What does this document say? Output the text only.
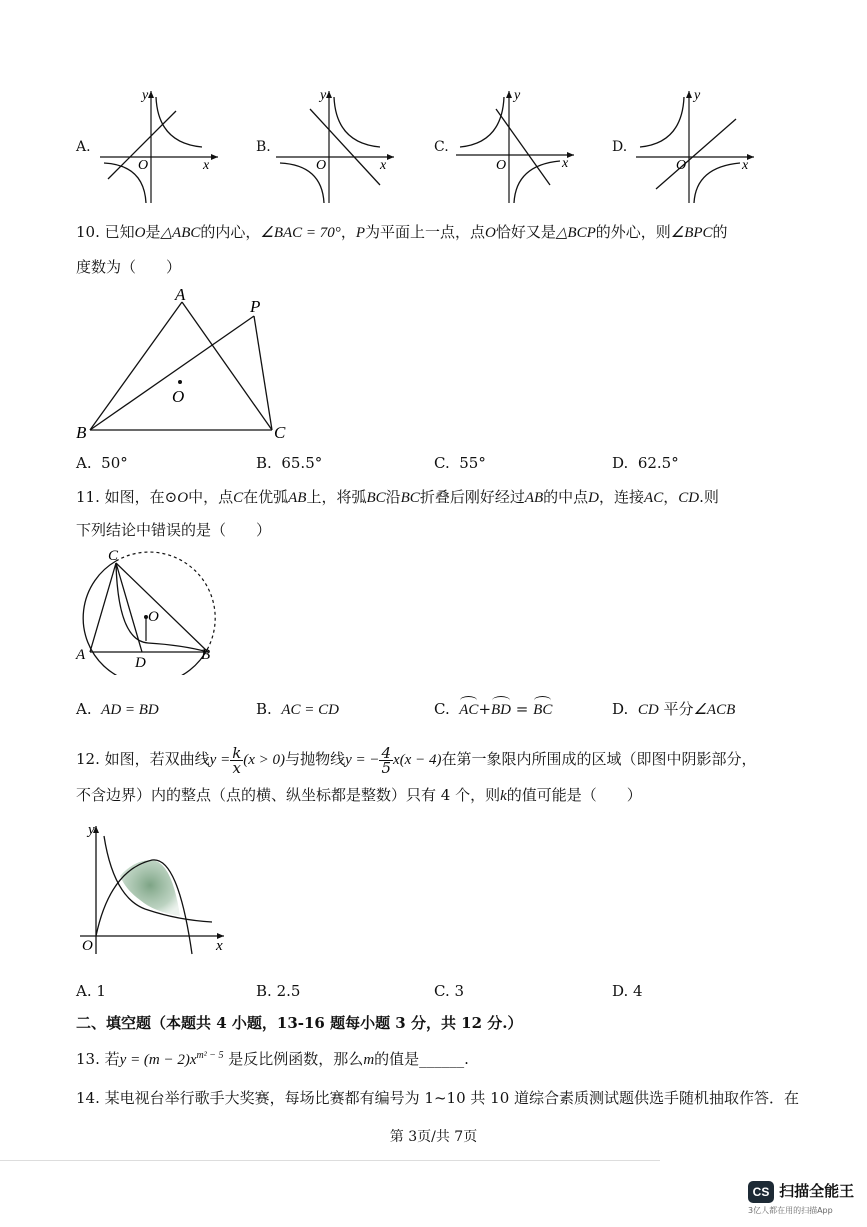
A.
y
x
O
B.
y
x
O
C.
y
x
O
D.
y
x
O
10. 已知O是△ABC的内心，∠BAC = 70°，P为平面上一点，点O恰好又是△BCP的外心，则∠BPC的
度数为（　　）
A
B	C
P
O
A. 50°	B. 65.5°	C. 55°	D. 62.5°
11. 如图，在⊙O中，点C在优弧AB上，将弧BC沿BC折叠后刚好经过AB的中点D，连接AC，CD.则
下列结论中错误的是（　　）
C
O
A	D	B
A. AD = BD	B. AC = CD	C. AC+BD = BC	D. CD 平分∠ACB
12. 如图，若双曲线$y = \frac{k}{x} (x > 0)$与抛物线y = − $\frac{4}{5} x(x - 4)$在第一象限内所围成的区域（即图中阴影部分，
不含边界）内的整点（点的横、纵坐标都是整数）只有 4 个，则k的值可能是（　　）
y
x
O
A. 1	B. 2.5	C. 3	D. 4
二、填空题（本题共 4 小题，13-16 题每小题 3 分，共 12 分.）
13. 若$y = (m - 2)x^{m^2 - 5}$ 是反比例函数，那么m的值是______.
14. 某电视台举行歌手大奖赛，每场比赛都有编号为 1~10 共 10 道综合素质测试题供选手随机抽取作答．在
第 3页/共 7页
CS 扫描全能王
3亿人都在用的扫描App
